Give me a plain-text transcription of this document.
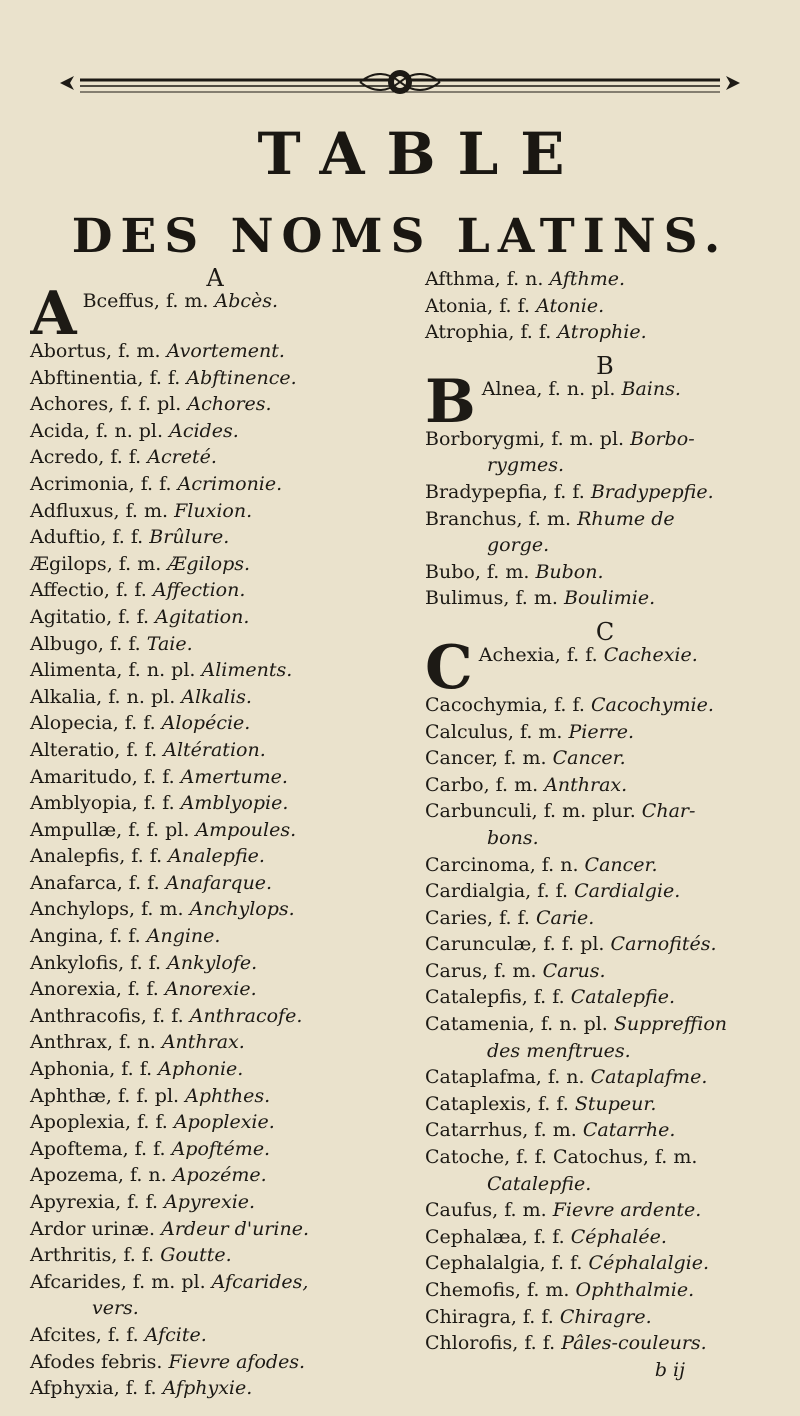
TABLE
DES NOMS LATINS.
A
A Bceffus, f. m. Abcès.
Abortus, f. m. Avortement.
Abftinentia, f. f. Abftinence.
Achores, f. f. pl. Achores.
Acida, f. n. pl. Acides.
Acredo, f. f. Acreté.
Acrimonia, f. f. Acrimonie.
Adfluxus, f. m. Fluxion.
Aduftio, f. f. Brûlure.
Ægilops, f. m. Ægilops.
Affectio, f. f. Affection.
Agitatio, f. f. Agitation.
Albugo, f. f. Taie.
Alimenta, f. n. pl. Aliments.
Alkalia, f. n. pl. Alkalis.
Alopecia, f. f. Alopécie.
Alteratio, f. f. Altération.
Amaritudo, f. f. Amertume.
Amblyopia, f. f. Amblyopie.
Ampullæ, f. f. pl. Ampoules.
Analepfis, f. f. Analepfie.
Anafarca, f. f. Anafarque.
Anchylops, f. m. Anchylops.
Angina, f. f. Angine.
Ankylofis, f. f. Ankylofe.
Anorexia, f. f. Anorexie.
Anthracofis, f. f. Anthracofe.
Anthrax, f. n. Anthrax.
Aphonia, f. f. Aphonie.
Aphthæ, f. f. pl. Aphthes.
Apoplexia, f. f. Apoplexie.
Apoftema, f. f. Apoftéme.
Apozema, f. n. Apozéme.
Apyrexia, f. f. Apyrexie.
Ardor urinæ. Ardeur d'urine.
Arthritis, f. f. Goutte.
Afcarides, f. m. pl. Afcarides,
vers.
Afcites, f. f. Afcite.
Afodes febris. Fievre afodes.
Afphyxia, f. f. Afphyxie.
Afthma, f. n. Afthme.
Atonia, f. f. Atonie.
Atrophia, f. f. Atrophie.
B
B Alnea, f. n. pl. Bains.
Borborygmi, f. m. pl. Borbo-
rygmes.
Bradypepfia, f. f. Bradypepfie.
Branchus, f. m. Rhume de
gorge.
Bubo, f. m. Bubon.
Bulimus, f. m. Boulimie.
C
C Achexia, f. f. Cachexie.
Cacochymia, f. f. Cacochymie.
Calculus, f. m. Pierre.
Cancer, f. m. Cancer.
Carbo, f. m. Anthrax.
Carbunculi, f. m. plur. Char-
bons.
Carcinoma, f. n. Cancer.
Cardialgia, f. f. Cardialgie.
Caries, f. f. Carie.
Carunculæ, f. f. pl. Carnofités.
Carus, f. m. Carus.
Catalepfis, f. f. Catalepfie.
Catamenia, f. n. pl. Suppreffion
des menftrues.
Cataplafma, f. n. Cataplafme.
Cataplexis, f. f. Stupeur.
Catarrhus, f. m. Catarrhe.
Catoche, f. f. Catochus, f. m.
Catalepfie.
Caufus, f. m. Fievre ardente.
Cephalæa, f. f. Céphalée.
Cephalalgia, f. f. Céphalalgie.
Chemofis, f. m. Ophthalmie.
Chiragra, f. f. Chiragre.
Chlorofis, f. f. Pâles-couleurs.
b ij
